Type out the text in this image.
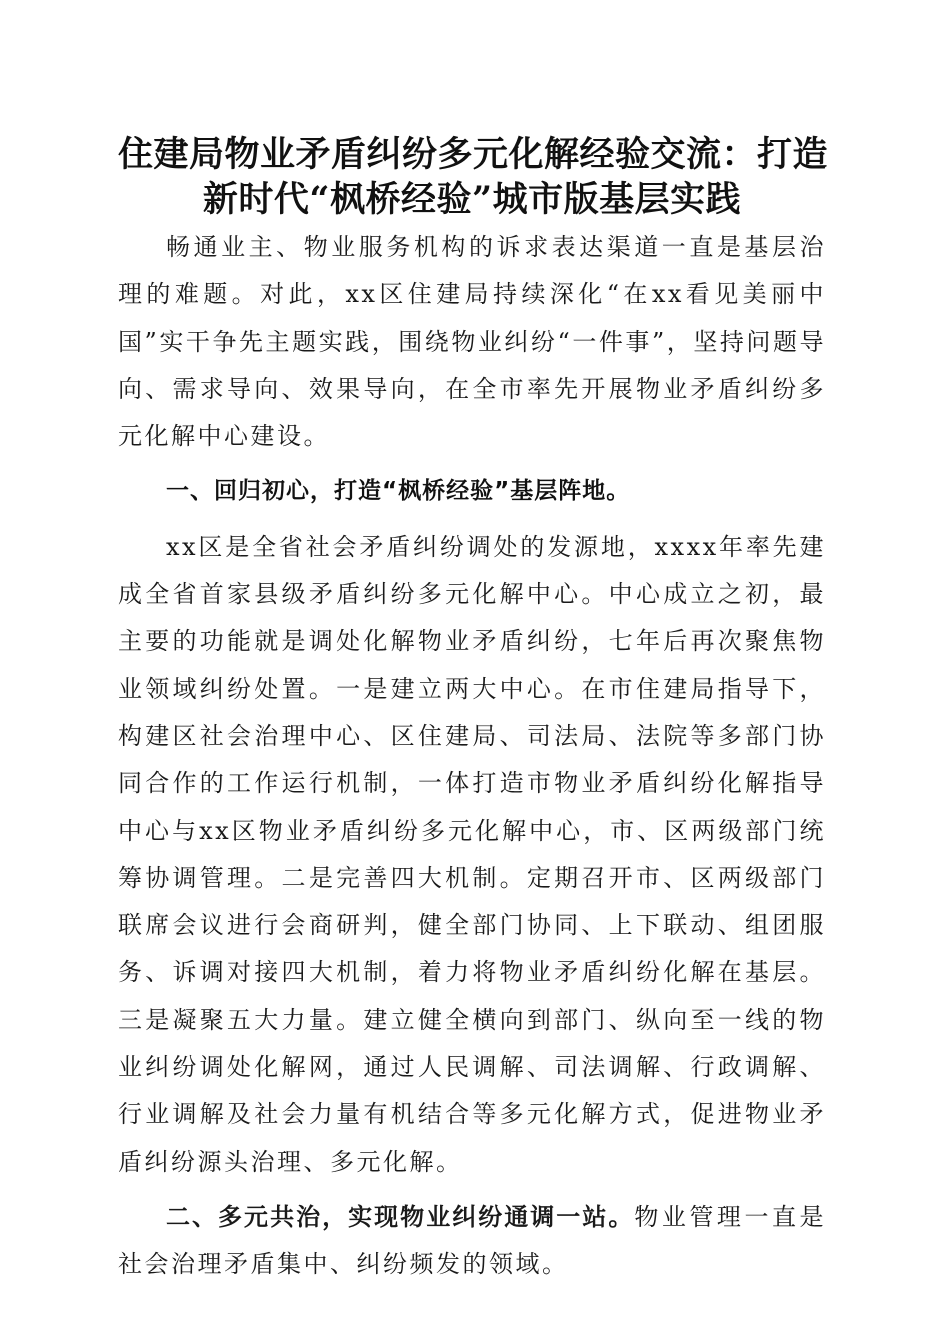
住建局物业矛盾纠纷多元化解经验交流：打造
新时代“枫桥经验”城市版基层实践

畅通业主、物业服务机构的诉求表达渠道一直是基层治理的难题。对此，xx区住建局持续深化“在xx看见美丽中国”实干争先主题实践，围绕物业纠纷“一件事”，坚持问题导向、需求导向、效果导向，在全市率先开展物业矛盾纠纷多元化解中心建设。

一、回归初心，打造“枫桥经验”基层阵地。

xx区是全省社会矛盾纠纷调处的发源地，xxxx年率先建成全省首家县级矛盾纠纷多元化解中心。中心成立之初，最主要的功能就是调处化解物业矛盾纠纷，七年后再次聚焦物业领域纠纷处置。一是建立两大中心。在市住建局指导下，构建区社会治理中心、区住建局、司法局、法院等多部门协同合作的工作运行机制，一体打造市物业矛盾纠纷化解指导中心与xx区物业矛盾纠纷多元化解中心，市、区两级部门统筹协调管理。二是完善四大机制。定期召开市、区两级部门联席会议进行会商研判，健全部门协同、上下联动、组团服务、诉调对接四大机制，着力将物业矛盾纠纷化解在基层。三是凝聚五大力量。建立健全横向到部门、纵向至一线的物业纠纷调处化解网，通过人民调解、司法调解、行政调解、行业调解及社会力量有机结合等多元化解方式，促进物业矛盾纠纷源头治理、多元化解。

二、多元共治，实现物业纠纷通调一站。物业管理一直是社会治理矛盾集中、纠纷频发的领域。
